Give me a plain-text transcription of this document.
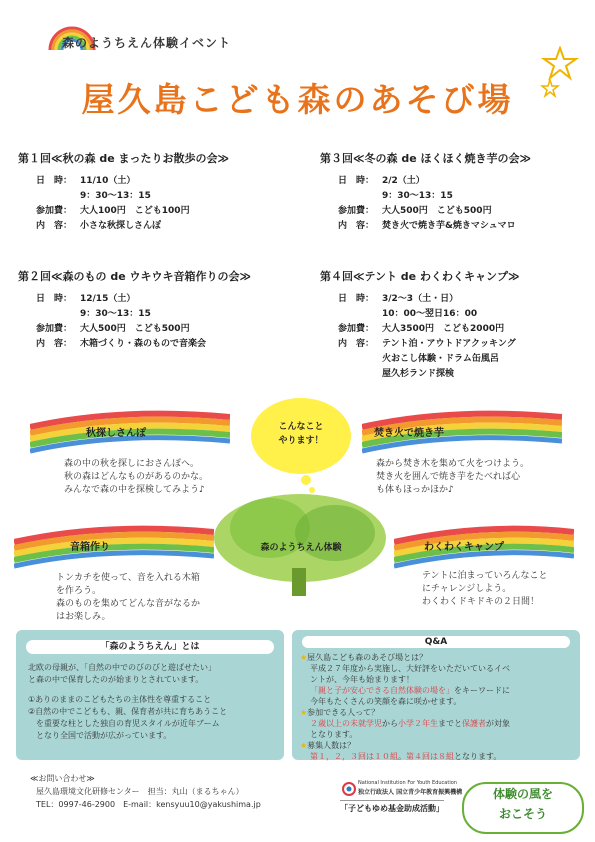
森のようちえん体験イベント
屋久島こども森のあそび場
第１回≪秋の森 de まったりお散歩の会≫
日　時： 11/10（土）
9：30～13：15
参加費： 大人100円　こども100円
内　容： 小さな秋探しさんぽ
第３回≪冬の森 de ほくほく焼き芋の会≫
日　時： 2/2（土）
9：30～13：15
参加費： 大人500円　こども500円
内　容： 焚き火で焼き芋&焼きマシュマロ
第２回≪森のもの de ウキウキ音箱作りの会≫
日　時： 12/15（土）
9：30～13：15
参加費： 大人500円　こども500円
内　容： 木箱づくり・森のもので音楽会
第４回≪テント de わくわくキャンプ≫
日　時： 3/2～3（土・日）
10：00～翌日16：00
参加費： 大人3500円　こども2000円
内　容： テント泊・アウトドアクッキング
火おこし体験・ドラム缶風呂
屋久杉ランド探検
秋探しさんぽ	焚き火で焼き芋
音箱作り	わくわくキャンプ
森の中の秋を探しにおさんぽへ。
秋の森はどんなものがあるのかな。
みんなで森の中を探検してみよう♪
森から焚き木を集めて火をつけよう。
焚き火を囲んで焼き芋をたべれば心
も体もほっかほか♪
トンカチを使って、音を入れる木箱
を作ろう。
森のものを集めてどんな音がなるか
はお楽しみ。
テントに泊まっていろんなこと
にチャレンジしよう。
わくわくドキドキの２日間！
こんなこと
やります！
森のようちえん体験
「森のようちえん」とは
北欧の母親が、「自然の中でのびのびと遊ばせたい」
と森の中で保育したのが始まりとされています。
①ありのままのこどもたちの主体性を尊重すること
②自然の中でこどもも、親、保育者が共に育ちあうこと
　を重要な柱とした独自の育児スタイルが近年ブーム
　となり全国で活動が広がっています。
Q&A
★屋久島こども森のあそび場とは？
平成２７年度から実施し、大好評をいただいているイベ
ントが、今年も始まります！
「親と子が安心できる自然体験の場を」をキーワードに
今年もたくさんの笑顔を森に咲かせます。
★参加できる人って？
２歳以上の未就学児から小学２年生までと保護者が対象
となります。
★募集人数は？
第１，２，３回は１０組。第４回は８組となります。
≪お問い合わせ≫
屋久島環境文化研修センター　担当：丸山（まるちゃん）
TEL：0997-46-2900　E-mail：kensyuu10@yakushima.jp
National Institution For Youth Education
独立行政法人 国立青少年教育振興機構
「子どもゆめ基金助成活動」
体験の風を
おこそう
